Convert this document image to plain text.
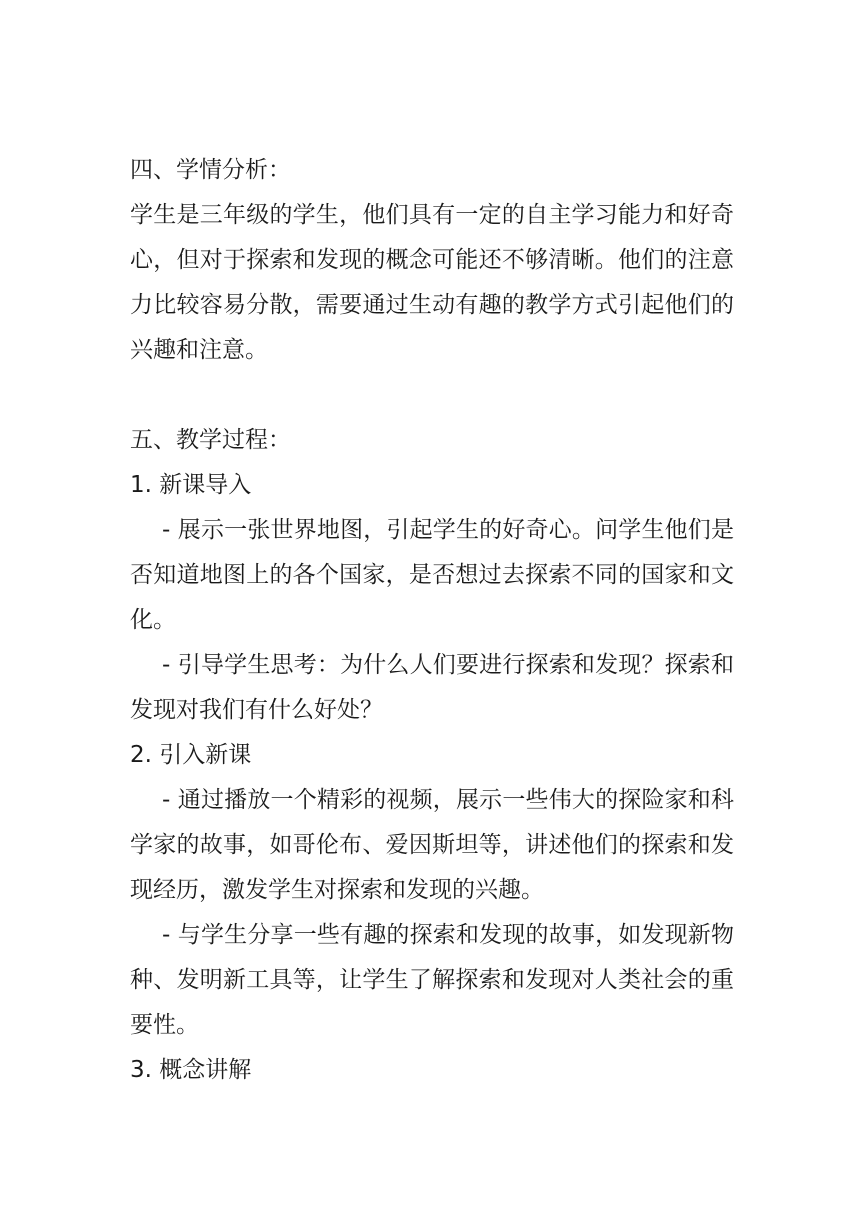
四、学情分析：
学生是三年级的学生，他们具有一定的自主学习能力和好奇
心，但对于探索和发现的概念可能还不够清晰。他们的注意
力比较容易分散，需要通过生动有趣的教学方式引起他们的
兴趣和注意。
五、教学过程：
1. 新课导入
- 展示一张世界地图，引起学生的好奇心。问学生他们是
否知道地图上的各个国家，是否想过去探索不同的国家和文
化。
- 引导学生思考：为什么人们要进行探索和发现？探索和
发现对我们有什么好处？
2. 引入新课
- 通过播放一个精彩的视频，展示一些伟大的探险家和科
学家的故事，如哥伦布、爱因斯坦等，讲述他们的探索和发
现经历，激发学生对探索和发现的兴趣。
- 与学生分享一些有趣的探索和发现的故事，如发现新物
种、发明新工具等，让学生了解探索和发现对人类社会的重
要性。
3. 概念讲解
